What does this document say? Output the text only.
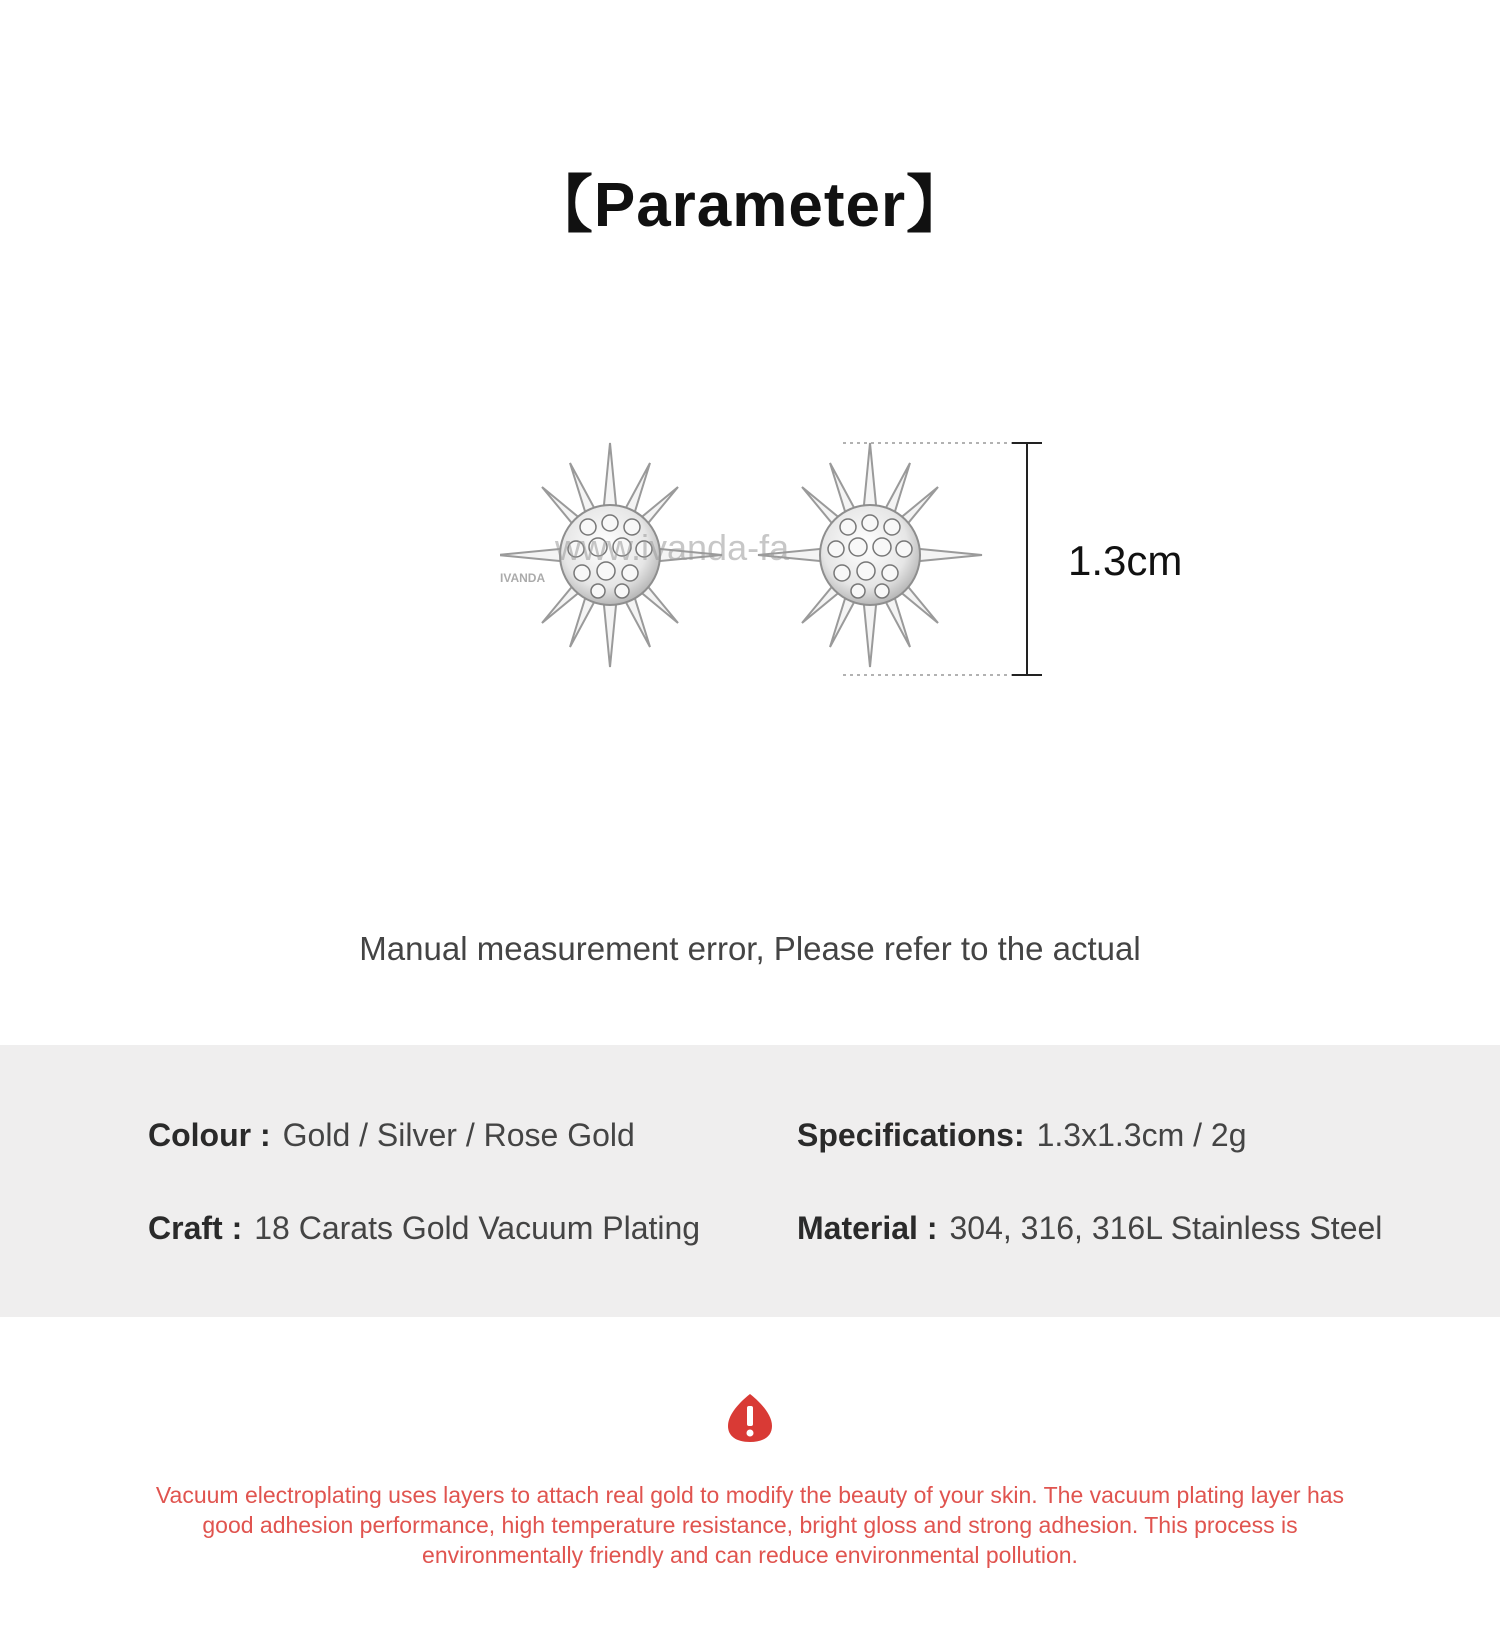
【Parameter】
IVANDA
www.ivanda-fa	1.3cm
Manual measurement error, Please refer to the actual
Colour : Gold / Silver / Rose Gold	Specifications: 1.3x1.3cm / 2g
Craft : 18 Carats Gold Vacuum Plating	Material : 304, 316, 316L Stainless Steel
Vacuum electroplating uses layers to attach real gold to modify the beauty of your skin. The vacuum plating layer has good adhesion performance, high temperature resistance, bright gloss and strong adhesion. This process is environmentally friendly and can reduce environmental pollution.
